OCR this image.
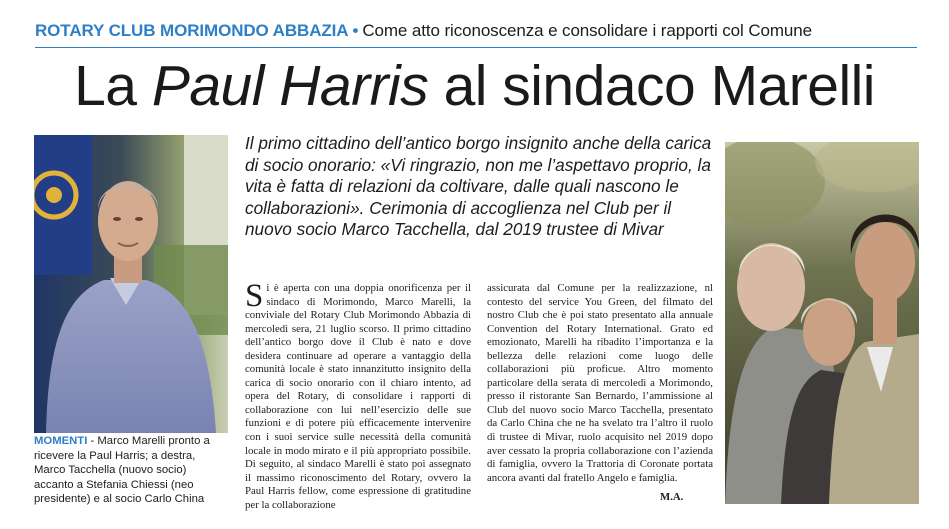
ROTARY CLUB MORIMONDO ABBAZIA • Come atto riconoscenza e consolidare i rapporti col Comune
La Paul Harris al sindaco Marelli
MOMENTI - Marco Marelli pronto a ricevere la Paul Harris; a destra, Marco Tacchella (nuovo socio) accanto a Stefania Chiessi (neo presidente) e al socio Carlo China

Il primo cittadino dell’antico borgo insignito anche della carica di socio onorario: «Vi ringrazio, non me l’aspettavo proprio, la vita è fatta di relazioni da coltivare, dalle quali nascono le collaborazioni». Cerimonia di accoglienza nel Club per il nuovo socio Marco Tacchella, dal 2019 trustee di Mivar

Si è aperta con una doppia onorificenza per il sindaco di Morimondo, Marco Marelli, la conviviale del Rotary Club Morimondo Abbazia di mercoledì sera, 21 luglio scorso. Il primo cittadino dell’antico borgo dove il Club è nato e dove desidera continuare ad operare a vantaggio della comunità locale è stato innanzitutto insignito della carica di socio onorario con il chiaro intento, ad opera del Rotary, di consolidare i rapporti di collaborazione con lui nell’esercizio delle sue funzioni e di potere più efficacemente intervenire con i suoi service sulle necessità della comunità locale in modo mirato e il più appropriato possibile. Di seguito, al sindaco Marelli è stato poi assegnato il massimo riconoscimento del Rotary, ovvero la Paul Harris fellow, come espressione di gratitudine per la collaborazione
assicurata dal Comune per la realizzazione, nl contesto del service You Green, del filmato del nostro Club che è poi stato presentato alla annuale Convention del Rotary International. Grato ed emozionato, Marelli ha ribadito l’importanza e la bellezza delle relazioni come luogo delle collaborazioni più proficue. Altro momento particolare della serata di mercoledì a Morimondo, presso il ristorante San Bernardo, l’ammissione al Club del nuovo socio Marco Tacchella, presentato da Carlo China che ne ha svelato tra l’altro il ruolo di trustee di Mivar, ruolo acquisito nel 2019 dopo aver cessato la propria collaborazione con l’azienda di famiglia, ovvero la Trattoria di Coronate portata ancora avanti dal fratello Angelo e famiglia.
M.A.
